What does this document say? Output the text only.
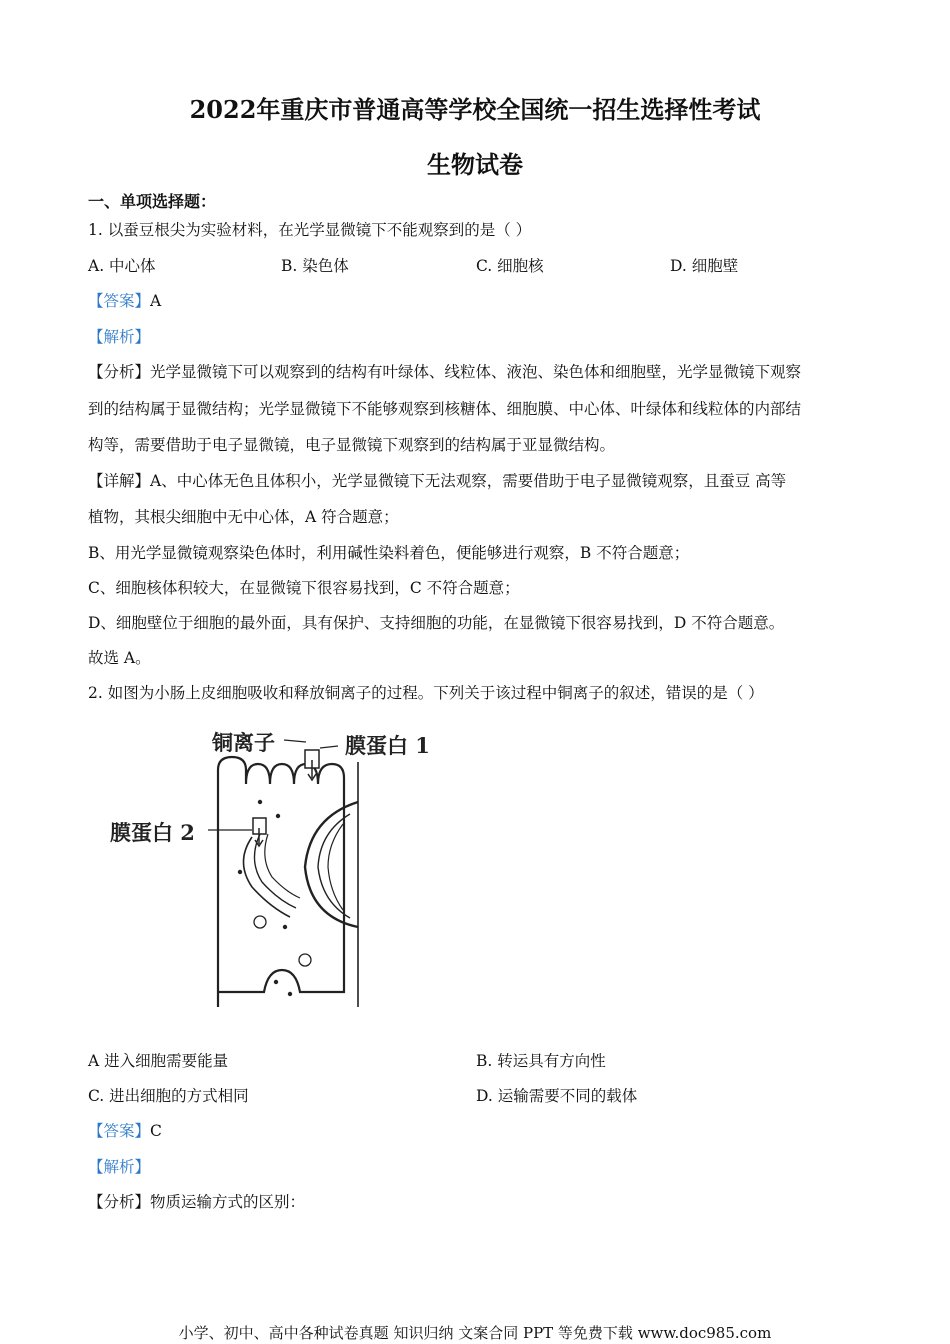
2022年重庆市普通高等学校全国统一招生选择性考试
生物试卷
一、单项选择题：
1. 以蚕豆根尖为实验材料，在光学显微镜下不能观察到的是（ ）
A. 中心体	B. 染色体	C. 细胞核	D. 细胞壁
【答案】A
【解析】
【分析】光学显微镜下可以观察到的结构有叶绿体、线粒体、液泡、染色体和细胞壁，光学显微镜下观察
到的结构属于显微结构；光学显微镜下不能够观察到核糖体、细胞膜、中心体、叶绿体和线粒体的内部结
构等，需要借助于电子显微镜，电子显微镜下观察到的结构属于亚显微结构。
【详解】A、中心体无色且体积小，光学显微镜下无法观察，需要借助于电子显微镜观察，且蚕豆 高等
植物，其根尖细胞中无中心体，A 符合题意；
B、用光学显微镜观察染色体时，利用碱性染料着色，便能够进行观察，B 不符合题意；
C、细胞核体积较大，在显微镜下很容易找到，C 不符合题意；
D、细胞壁位于细胞的最外面，具有保护、支持细胞的功能，在显微镜下很容易找到，D 不符合题意。
故选 A。
2. 如图为小肠上皮细胞吸收和释放铜离子的过程。下列关于该过程中铜离子的叙述，错误的是（ ）
铜离子	膜蛋白 1
膜蛋白 2
A 进入细胞需要能量	B. 转运具有方向性
C. 进出细胞的方式相同	D. 运输需要不同的载体
【答案】C
【解析】
【分析】物质运输方式的区别：
小学、初中、高中各种试卷真题 知识归纳 文案合同 PPT 等免费下载 www.doc985.com
